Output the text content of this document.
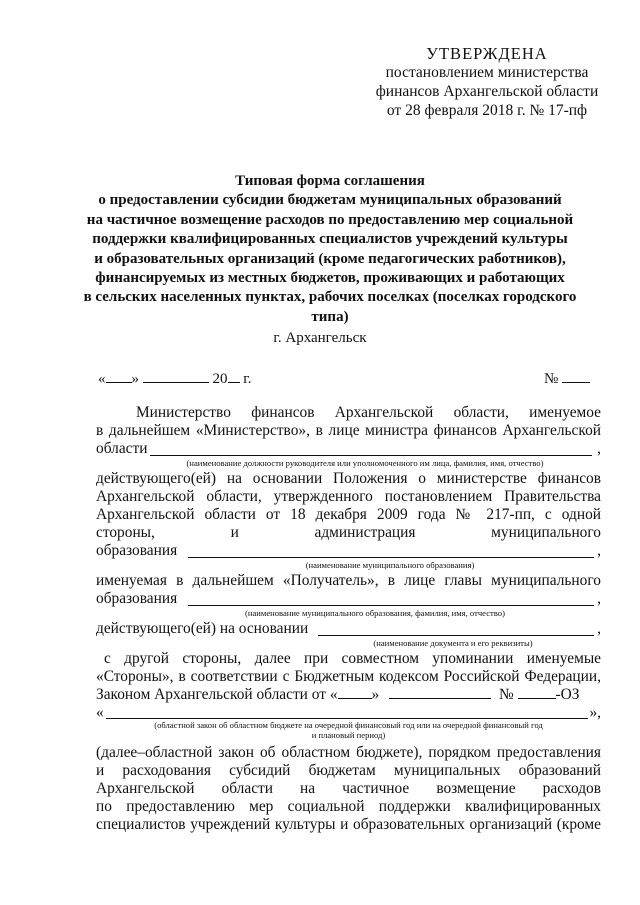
УТВЕРЖДЕНА
постановлением министерства
финансов Архангельской области
от 28 февраля 2018 г. № 17-пф
Типовая форма соглашения
о предоставлении субсидии бюджетам муниципальных образований
на частичное возмещение расходов по предоставлению мер социальной
поддержки квалифицированных специалистов учреждений культуры
и образовательных организаций (кроме педагогических работников),
финансируемых из местных бюджетов, проживающих и работающих
в сельских населенных пунктах, рабочих поселках (поселках городского
типа)
г. Архангельск
« »	20 г.	№
Министерство финансов Архангельской области, именуемое
в дальнейшем «Министерство», в лице министра финансов Архангельской
области	,
(наименование должности руководителя или уполномоченного им лица, фамилия, имя, отчество)
действующего(ей) на основании Положения о министерстве финансов
Архангельской области, утвержденного постановлением Правительства
Архангельской области от 18 декабря 2009 года № 217-пп, с одной
стороны, и администрация муниципального
образования	,
(наименование муниципального образования)
именуемая в дальнейшем «Получатель», в лице главы муниципального
образования	,
(наименование муниципального образования, фамилия, имя, отчество)
действующего(ей) на основании	,
(наименование документа и его реквизиты)
с другой стороны, далее при совместном упоминании именуемые
«Стороны», в соответствии с Бюджетным кодексом Российской Федерации,
Законом Архангельской области от « »	№	-ОЗ
«	»,
(областной закон об областном бюджете на очередной финансовый год или на очередной финансовый год
и плановый период)
(далее–областной закон об областном бюджете), порядком предоставления
и расходования субсидий бюджетам муниципальных образований
Архангельской области на частичное возмещение расходов
по предоставлению мер социальной поддержки квалифицированных
специалистов учреждений культуры и образовательных организаций (кроме
